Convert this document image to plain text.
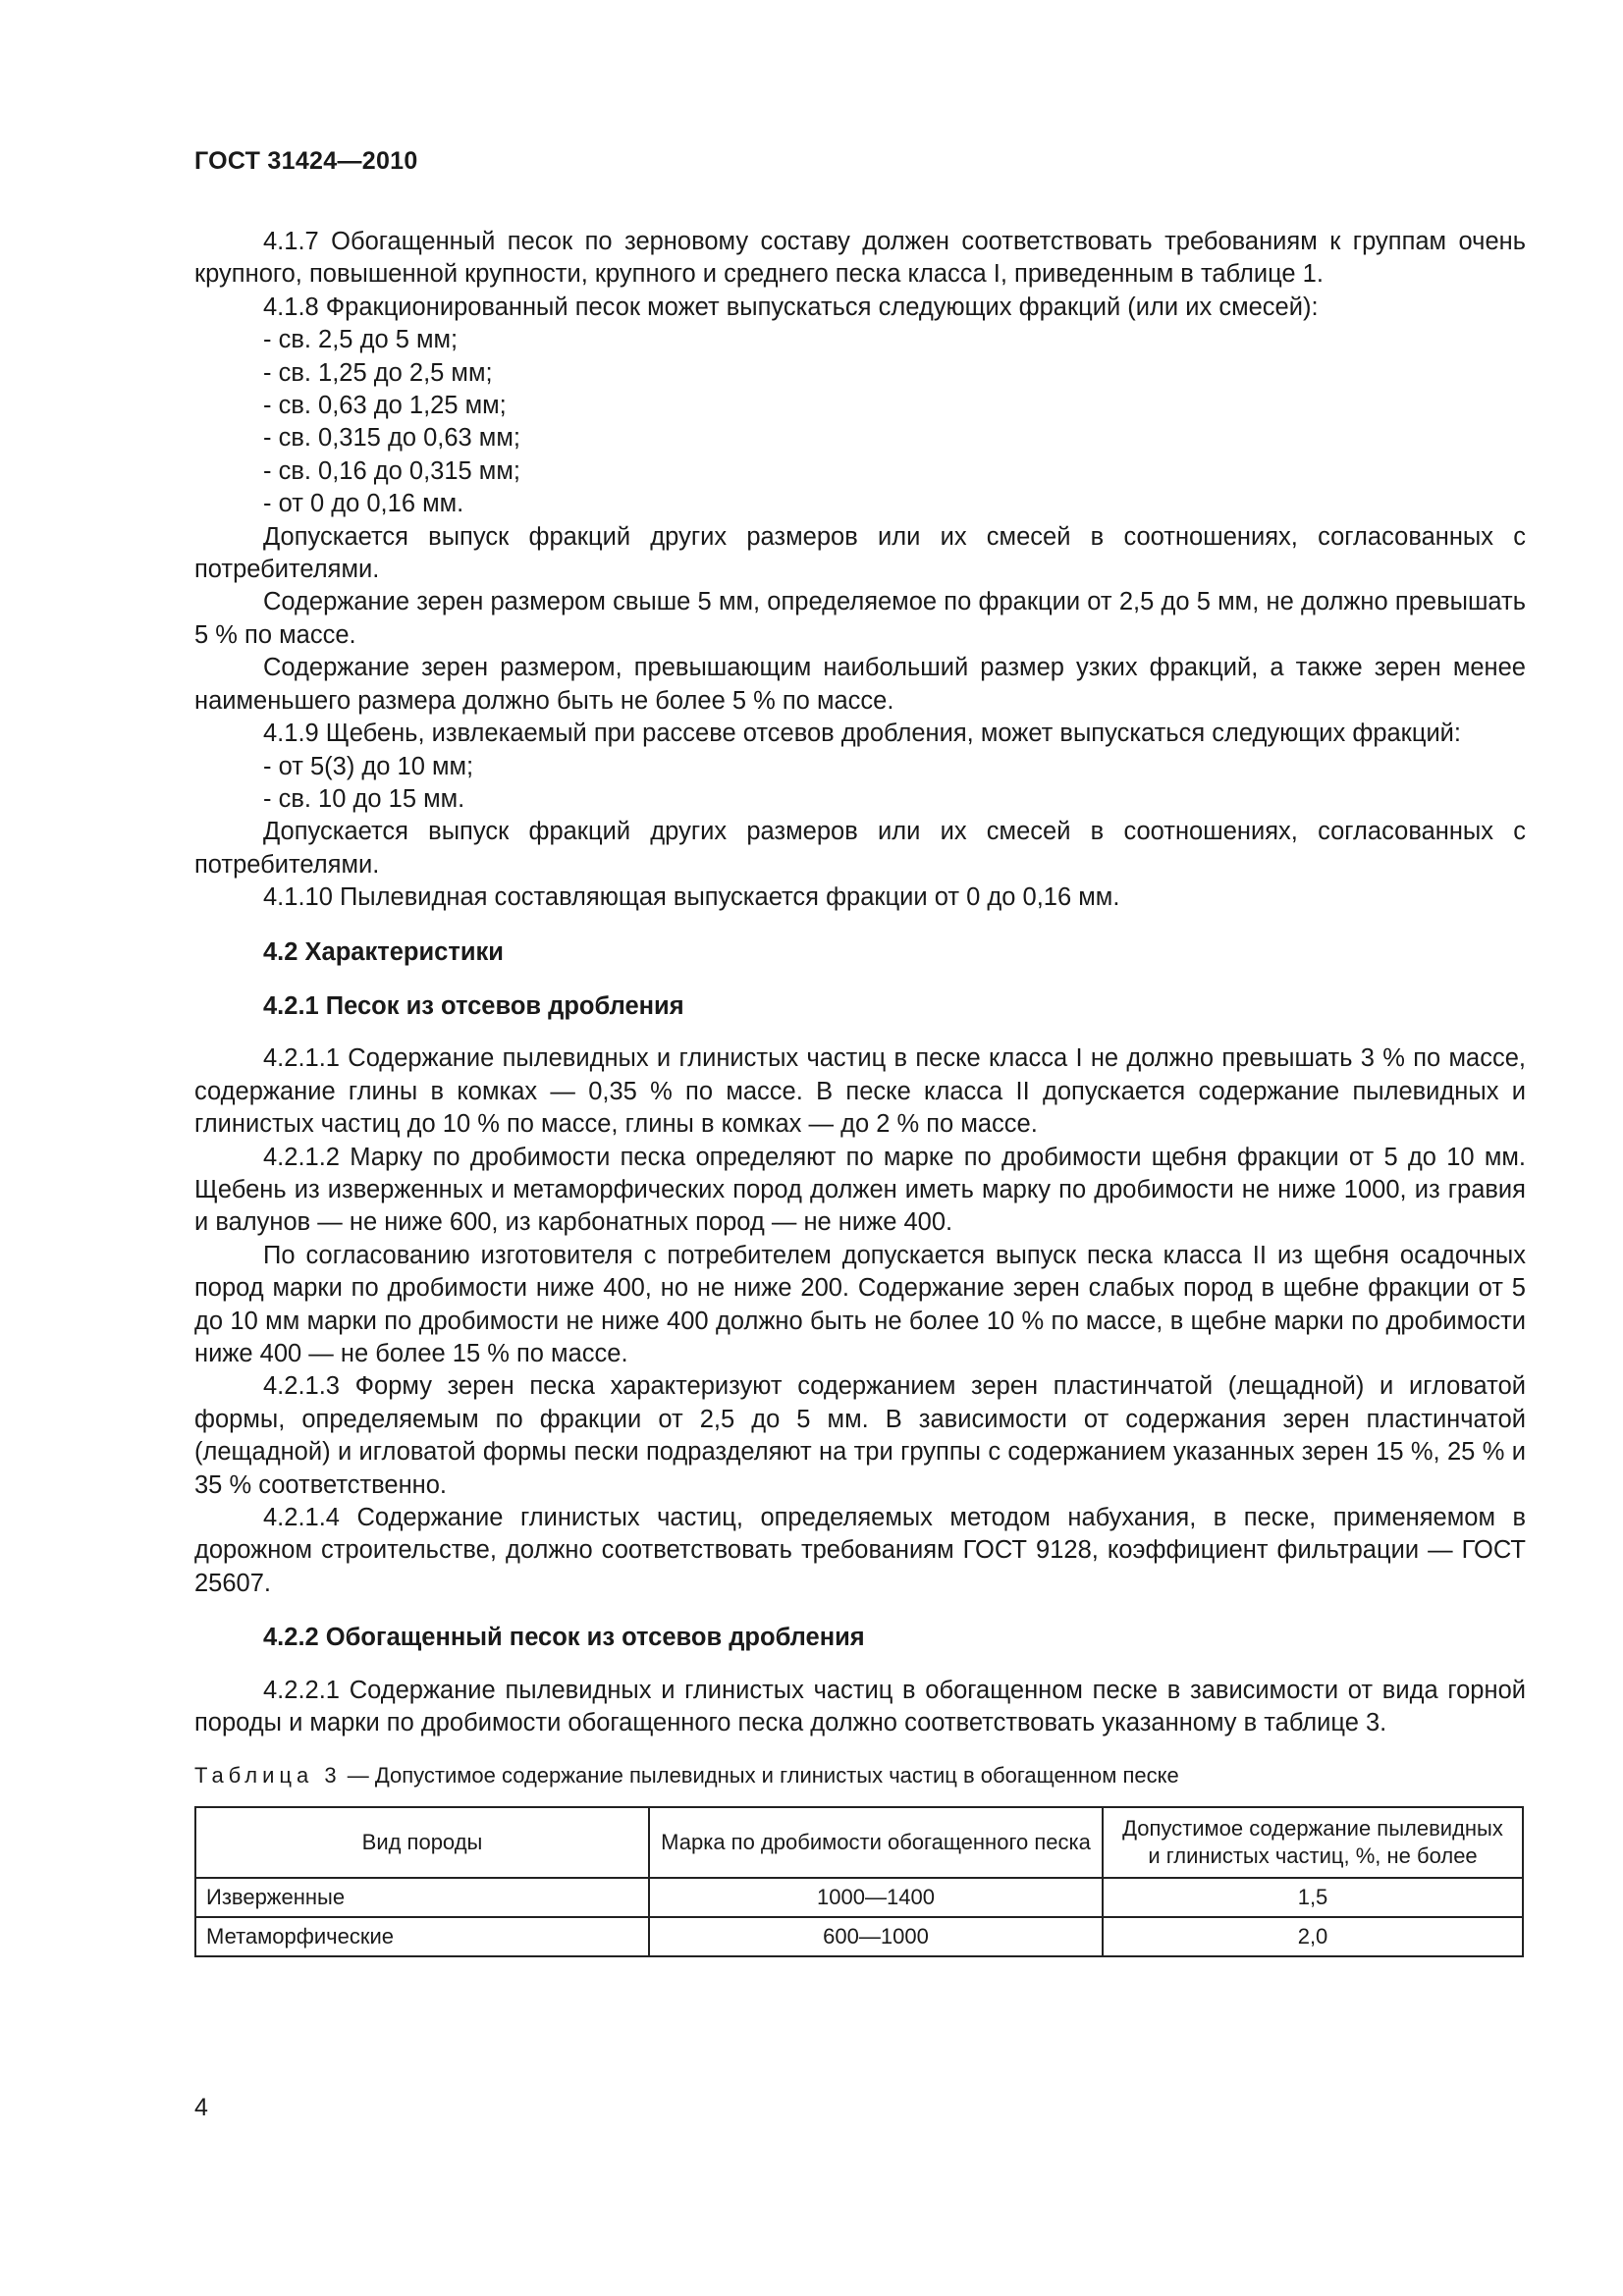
ГОСТ 31424—2010

4.1.7 Обогащенный песок по зерновому составу должен соответствовать требованиям к группам очень крупного, повышенной крупности, крупного и среднего песка класса I, приведенным в таблице 1.

4.1.8 Фракционированный песок может выпускаться следующих фракций (или их смесей):

- св. 2,5 до 5 мм;

- св. 1,25 до 2,5 мм;

- св. 0,63 до 1,25 мм;

- св. 0,315 до 0,63 мм;

- св. 0,16 до 0,315 мм;

- от 0 до 0,16 мм.

Допускается выпуск фракций других размеров или их смесей в соотношениях, согласованных с потребителями.

Содержание зерен размером свыше 5 мм, определяемое по фракции от 2,5 до 5 мм, не должно превышать 5 % по массе.

Содержание зерен размером, превышающим наибольший размер узких фракций, а также зерен менее наименьшего размера должно быть не более 5 % по массе.

4.1.9 Щебень, извлекаемый при рассеве отсевов дробления, может выпускаться следующих фракций:

- от 5(3) до 10 мм;

- св. 10 до 15 мм.

Допускается выпуск фракций других размеров или их смесей в соотношениях, согласованных с потребителями.

4.1.10 Пылевидная составляющая выпускается фракции от 0 до 0,16 мм.

4.2 Характеристики

4.2.1 Песок из отсевов дробления

4.2.1.1 Содержание пылевидных и глинистых частиц в песке класса I не должно превышать 3 % по массе, содержание глины в комках — 0,35 % по массе. В песке класса II допускается содержание пылевидных и глинистых частиц до 10 % по массе, глины в комках — до 2 % по массе.

4.2.1.2 Марку по дробимости песка определяют по марке по дробимости щебня фракции от 5 до 10 мм. Щебень из изверженных и метаморфических пород должен иметь марку по дробимости не ниже 1000, из гравия и валунов — не ниже 600, из карбонатных пород — не ниже 400.

По согласованию изготовителя с потребителем допускается выпуск песка класса II из щебня осадочных пород марки по дробимости ниже 400, но не ниже 200. Содержание зерен слабых пород в щебне фракции от 5 до 10 мм марки по дробимости не ниже 400 должно быть не более 10 % по массе, в щебне марки по дробимости ниже 400 — не более 15 % по массе.

4.2.1.3 Форму зерен песка характеризуют содержанием зерен пластинчатой (лещадной) и игловатой формы, определяемым по фракции от 2,5 до 5 мм. В зависимости от содержания зерен пластинчатой (лещадной) и игловатой формы пески подразделяют на три группы с содержанием указанных зерен 15 %, 25 % и 35 % соответственно.

4.2.1.4 Содержание глинистых частиц, определяемых методом набухания, в песке, применяемом в дорожном строительстве, должно соответствовать требованиям ГОСТ 9128, коэффициент фильтрации — ГОСТ 25607.

4.2.2 Обогащенный песок из отсевов дробления

4.2.2.1 Содержание пылевидных и глинистых частиц в обогащенном песке в зависимости от вида горной породы и марки по дробимости обогащенного песка должно соответствовать указанному в таблице 3.

Таблица 3 — Допустимое содержание пылевидных и глинистых частиц в обогащенном песке
Вид породы	Марка по дробимости обогащенного песка	Допустимое содержание пылевидных и глинистых частиц, %, не более
Изверженные	1000—1400	1,5
Метаморфические	600—1000	2,0
4
